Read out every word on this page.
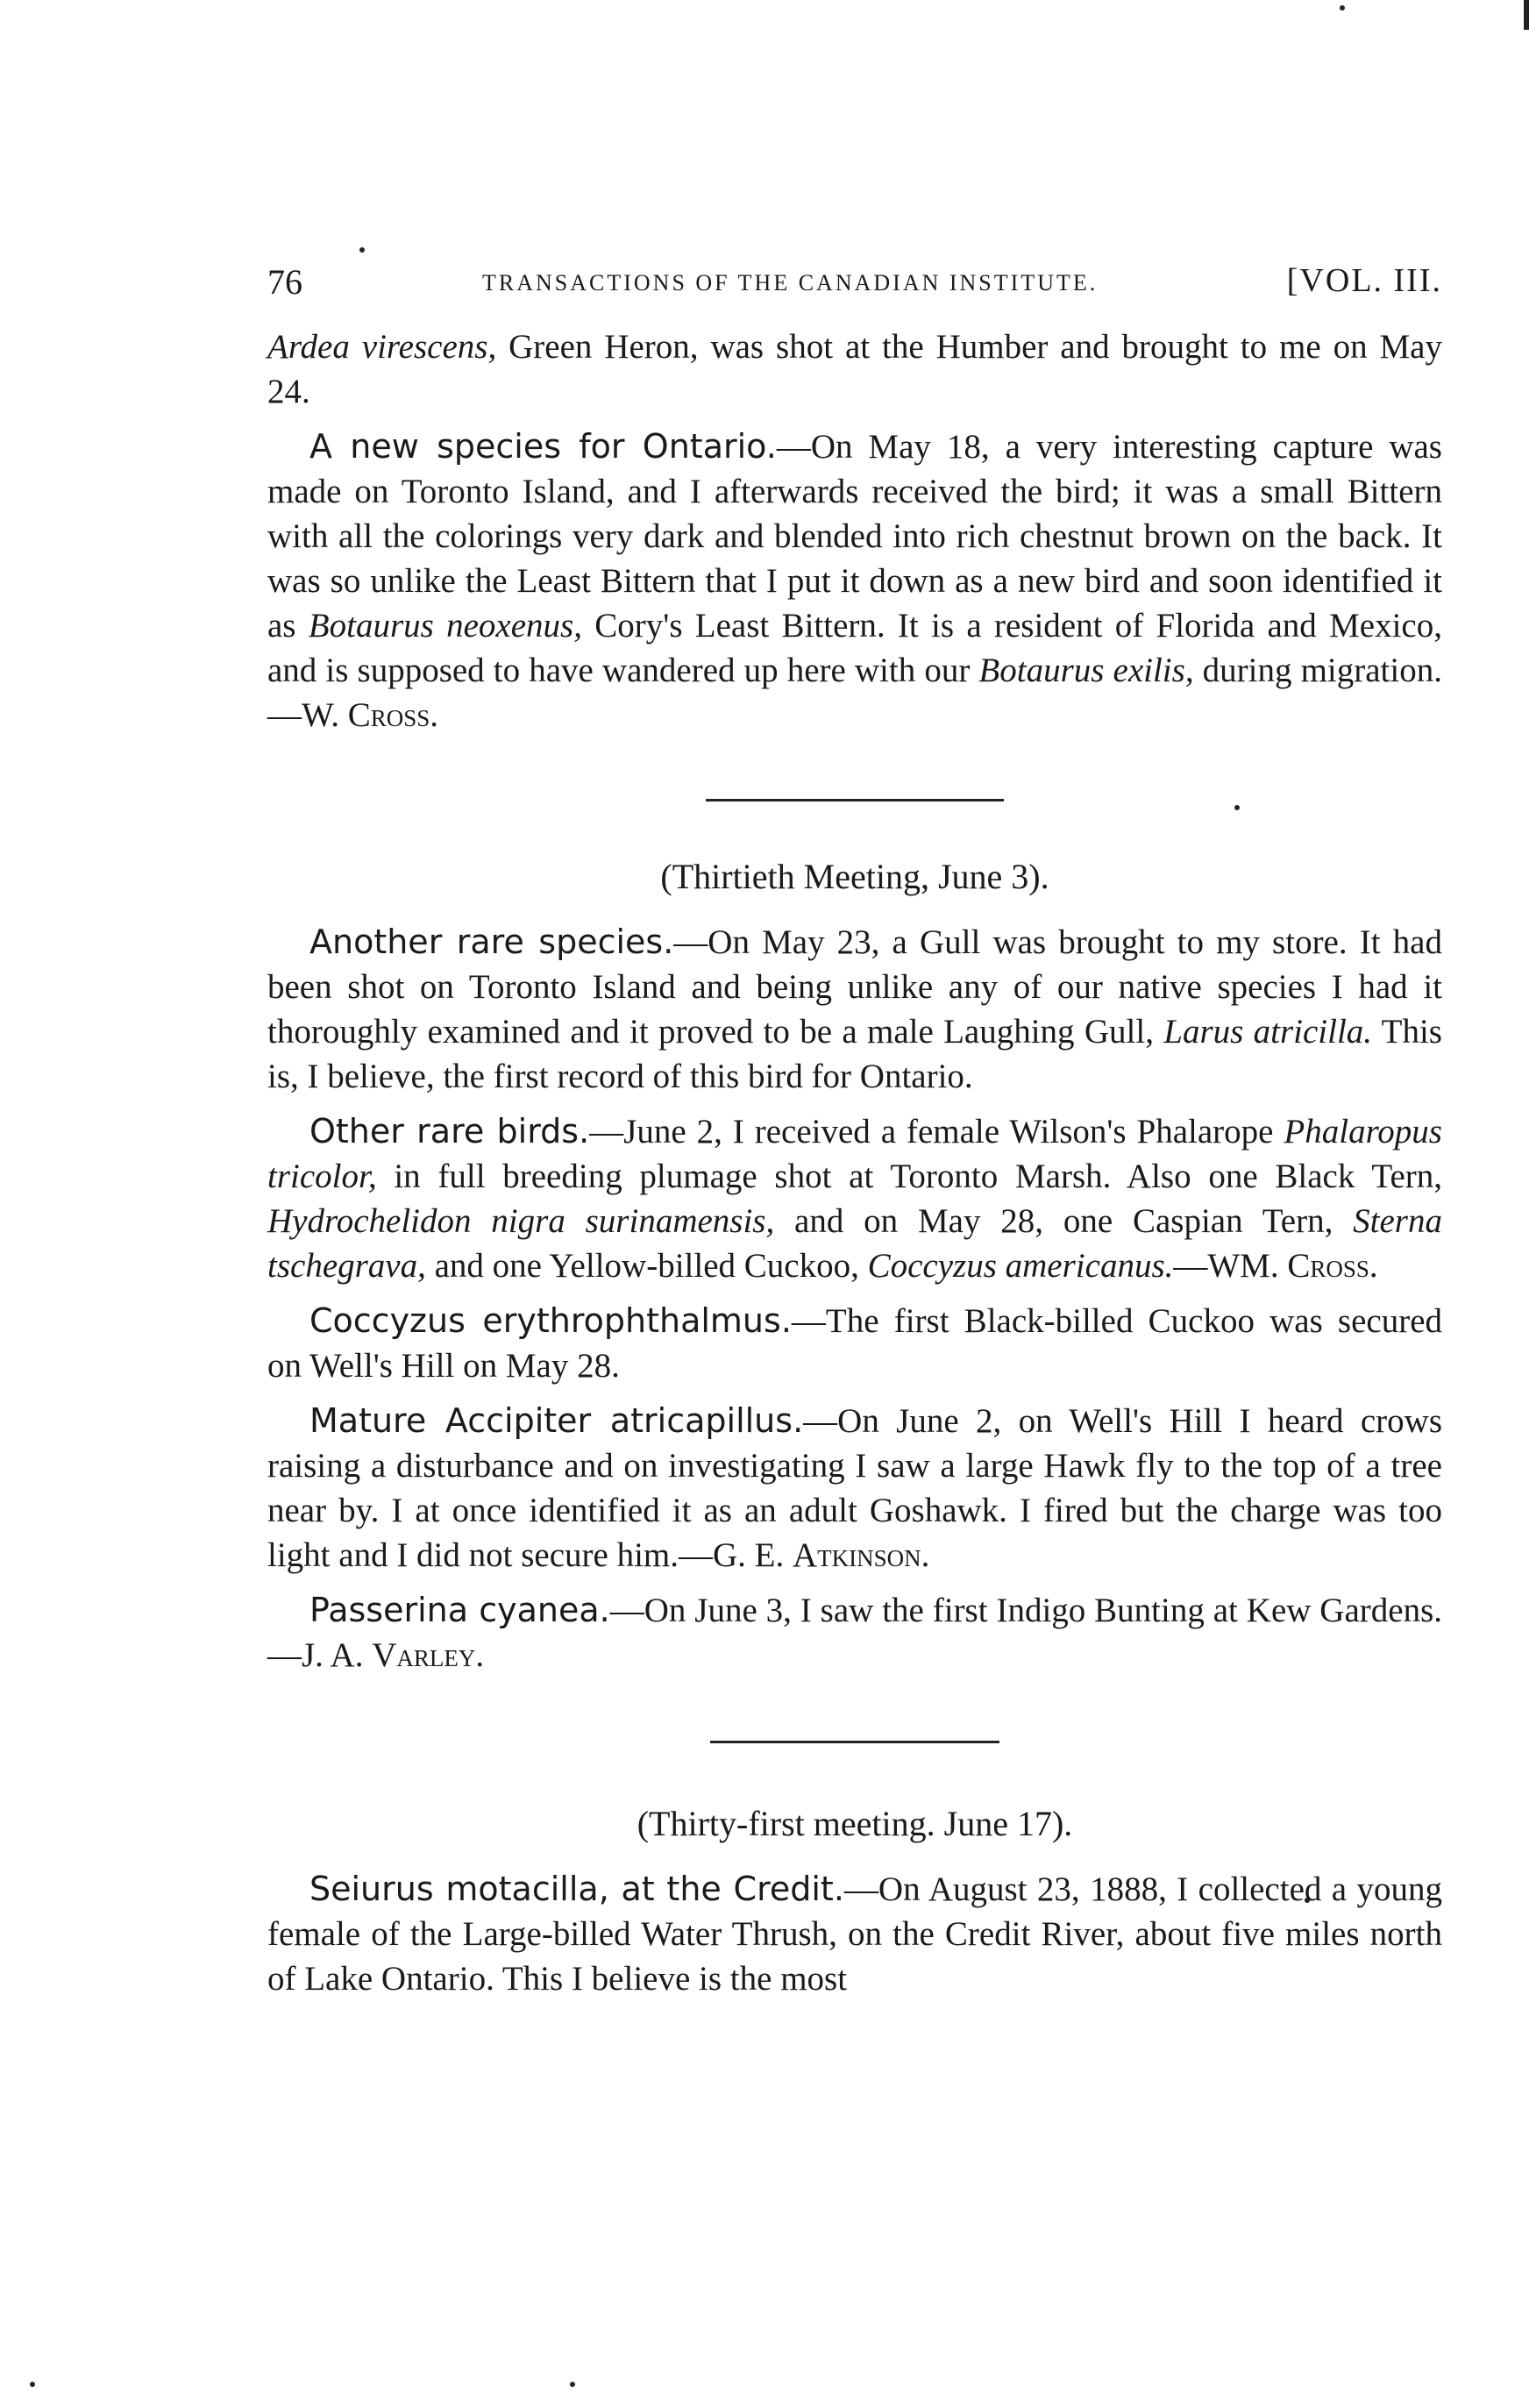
76	TRANSACTIONS OF THE CANADIAN INSTITUTE.	[VOL. III.

Ardea virescens, Green Heron, was shot at the Humber and brought to me on May 24.

A new species for Ontario.—On May 18, a very interesting capture was made on Toronto Island, and I afterwards received the bird; it was a small Bittern with all the colorings very dark and blended into rich chestnut brown on the back. It was so unlike the Least Bittern that I put it down as a new bird and soon identified it as Botaurus neoxenus, Cory's Least Bittern. It is a resident of Florida and Mexico, and is supposed to have wandered up here with our Botaurus exilis, during migration.—W. Cross.

(Thirtieth Meeting, June 3).

Another rare species.—On May 23, a Gull was brought to my store. It had been shot on Toronto Island and being unlike any of our native species I had it thoroughly examined and it proved to be a male Laughing Gull, Larus atricilla. This is, I believe, the first record of this bird for Ontario.

Other rare birds.—June 2, I received a female Wilson's Phalarope Phalaropus tricolor, in full breeding plumage shot at Toronto Marsh. Also one Black Tern, Hydrochelidon nigra surinamensis, and on May 28, one Caspian Tern, Sterna tschegrava, and one Yellow-billed Cuckoo, Coccyzus americanus.—WM. Cross.

Coccyzus erythrophthalmus.—The first Black-billed Cuckoo was secured on Well's Hill on May 28.

Mature Accipiter atricapillus.—On June 2, on Well's Hill I heard crows raising a disturbance and on investigating I saw a large Hawk fly to the top of a tree near by. I at once identified it as an adult Goshawk. I fired but the charge was too light and I did not secure him.—G. E. Atkinson.

Passerina cyanea.—On June 3, I saw the first Indigo Bunting at Kew Gardens.—J. A. Varley.

(Thirty-first meeting. June 17).

Seiurus motacilla, at the Credit.—On August 23, 1888, I collected a young female of the Large-billed Water Thrush, on the Credit River, about five miles north of Lake Ontario. This I believe is the most
